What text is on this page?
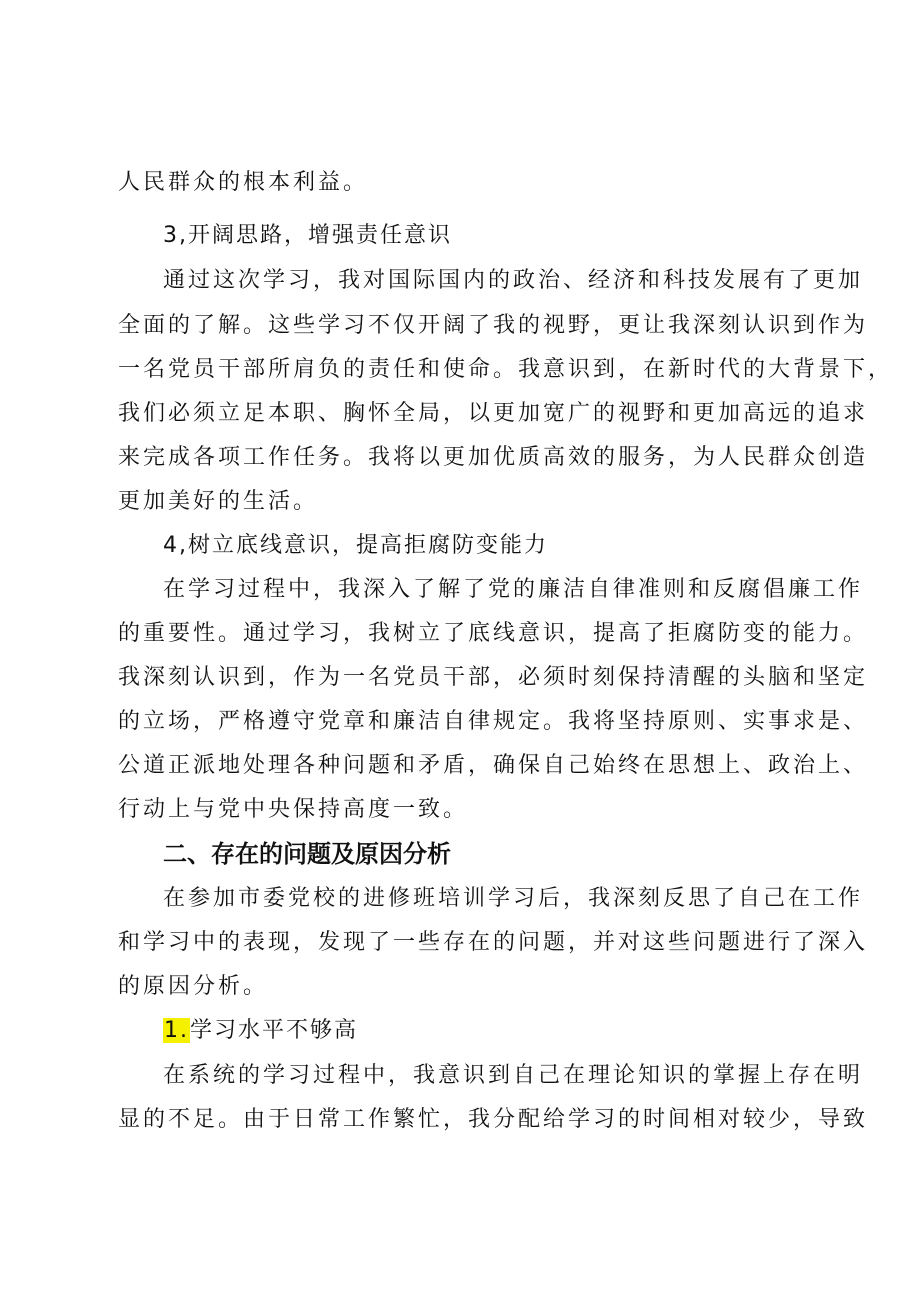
人民群众的根本利益。
3,开阔思路，增强责任意识
通过这次学习，我对国际国内的政治、经济和科技发展有了更加
全面的了解。这些学习不仅开阔了我的视野，更让我深刻认识到作为
一名党员干部所肩负的责任和使命。我意识到，在新时代的大背景下，
我们必须立足本职、胸怀全局，以更加宽广的视野和更加高远的追求
来完成各项工作任务。我将以更加优质高效的服务，为人民群众创造
更加美好的生活。
4,树立底线意识，提高拒腐防变能力
在学习过程中，我深入了解了党的廉洁自律准则和反腐倡廉工作
的重要性。通过学习，我树立了底线意识，提高了拒腐防变的能力。
我深刻认识到，作为一名党员干部，必须时刻保持清醒的头脑和坚定
的立场，严格遵守党章和廉洁自律规定。我将坚持原则、实事求是、
公道正派地处理各种问题和矛盾，确保自己始终在思想上、政治上、
行动上与党中央保持高度一致。
二、存在的问题及原因分析
在参加市委党校的进修班培训学习后，我深刻反思了自己在工作
和学习中的表现，发现了一些存在的问题，并对这些问题进行了深入
的原因分析。
1.学习水平不够高
在系统的学习过程中，我意识到自己在理论知识的掌握上存在明
显的不足。由于日常工作繁忙，我分配给学习的时间相对较少，导致
